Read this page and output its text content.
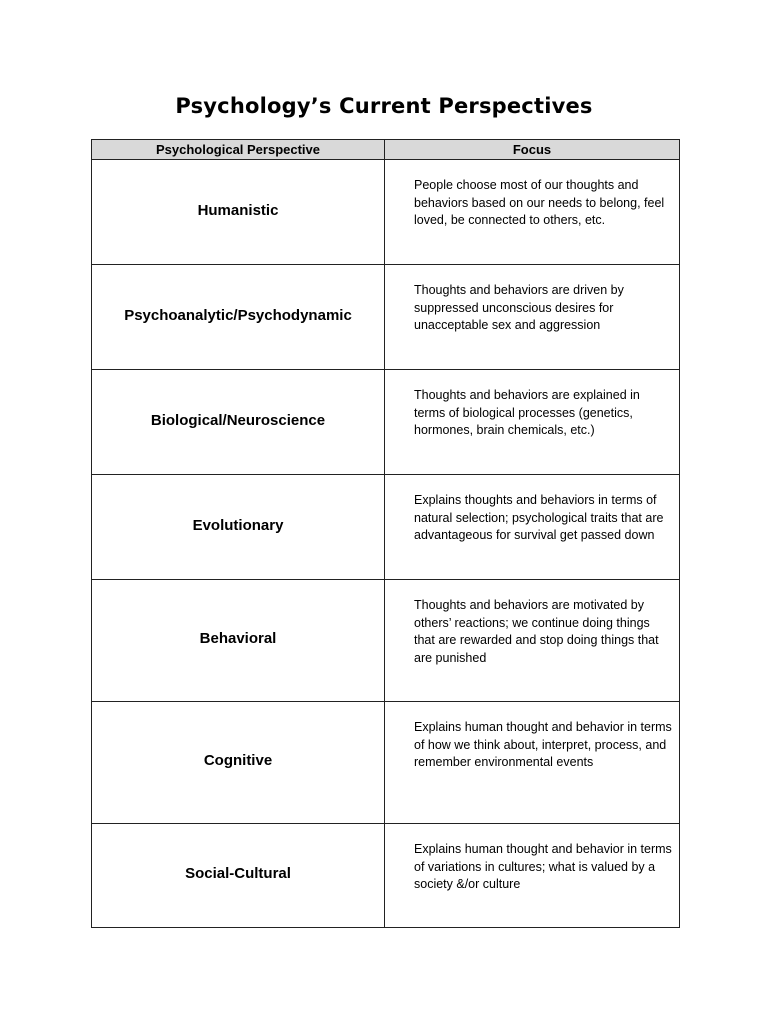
Psychology’s Current Perspectives
Psychological Perspective	Focus
Humanistic	People choose most of our thoughts and behaviors based on our needs to belong, feel loved, be connected to others, etc.

Psychoanalytic/Psychodynamic	Thoughts and behaviors are driven by suppressed unconscious desires for unacceptable sex and aggression

Biological/Neuroscience	Thoughts and behaviors are explained in terms of biological processes (genetics, hormones, brain chemicals, etc.)

Evolutionary	Explains thoughts and behaviors in terms of natural selection; psychological traits that are advantageous for survival get passed down

Behavioral	Thoughts and behaviors are motivated by others’ reactions; we continue doing things that are rewarded and stop doing things that are punished

Cognitive	Explains human thought and behavior in terms of how we think about, interpret, process, and remember environmental events

Social-Cultural	Explains human thought and behavior in terms of variations in cultures; what is valued by a society &/or culture
